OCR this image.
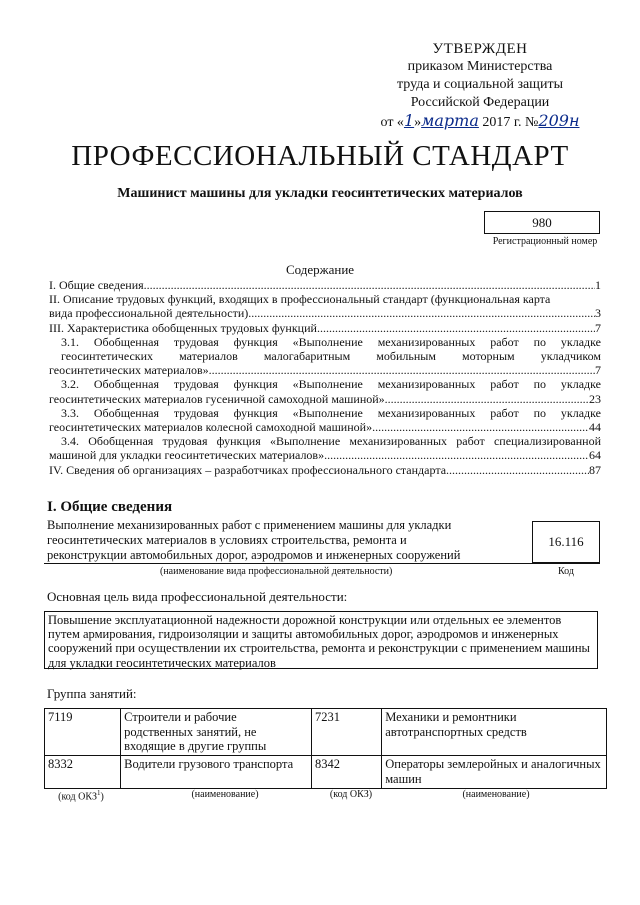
УТВЕРЖДЕН
приказом Министерства
труда и социальной защиты
Российской Федерации
от «1»марта 2017 г. №209н
ПРОФЕССИОНАЛЬНЫЙ СТАНДАРТ
Машинист машины для укладки геосинтетических материалов
980
Регистрационный номер
Содержание
I. Общие сведения .....	1
II. Описание трудовых функций, входящих в профессиональный стандарт (функциональная карта
вида профессиональной деятельности) .....	3
III. Характеристика обобщенных трудовых функций .....	7
3.1. Обобщенная трудовая функция «Выполнение механизированных работ по укладке геосинтетических материалов малогабаритным мобильным моторным укладчиком
геосинтетических материалов» .....	7
3.2. Обобщенная трудовая функция «Выполнение механизированных работ по укладке
геосинтетических материалов гусеничной самоходной машиной» .....	23
3.3. Обобщенная трудовая функция «Выполнение механизированных работ по укладке
геосинтетических материалов колесной самоходной машиной» .....	44
3.4. Обобщенная трудовая функция «Выполнение механизированных работ специализированной
машиной для укладки геосинтетических материалов» .....	64
IV. Сведения об организациях – разработчиках профессионального стандарта .....	87
I. Общие сведения
Выполнение механизированных работ с применением машины для укладки геосинтетических материалов в условиях строительства, ремонта и реконструкции автомобильных дорог, аэродромов и инженерных сооружений
16.116
(наименование вида профессиональной деятельности)	Код
Основная цель вида профессиональной деятельности:
Повышение эксплуатационной надежности дорожной конструкции или отдельных ее элементов путем армирования, гидроизоляции и защиты автомобильных дорог, аэродромов и инженерных сооружений при осуществлении их строительства, ремонта и реконструкции с применением машины для укладки геосинтетических материалов
Группа занятий:
7119	Строители и рабочие родственных занятий, не входящие в другие группы	7231	Механики и ремонтники автотранспортных средств
8332	Водители грузового транспорта	8342	Операторы землеройных и аналогичных машин
(код ОКЗ$^1$)	(наименование)	(код ОКЗ)	(наименование)
